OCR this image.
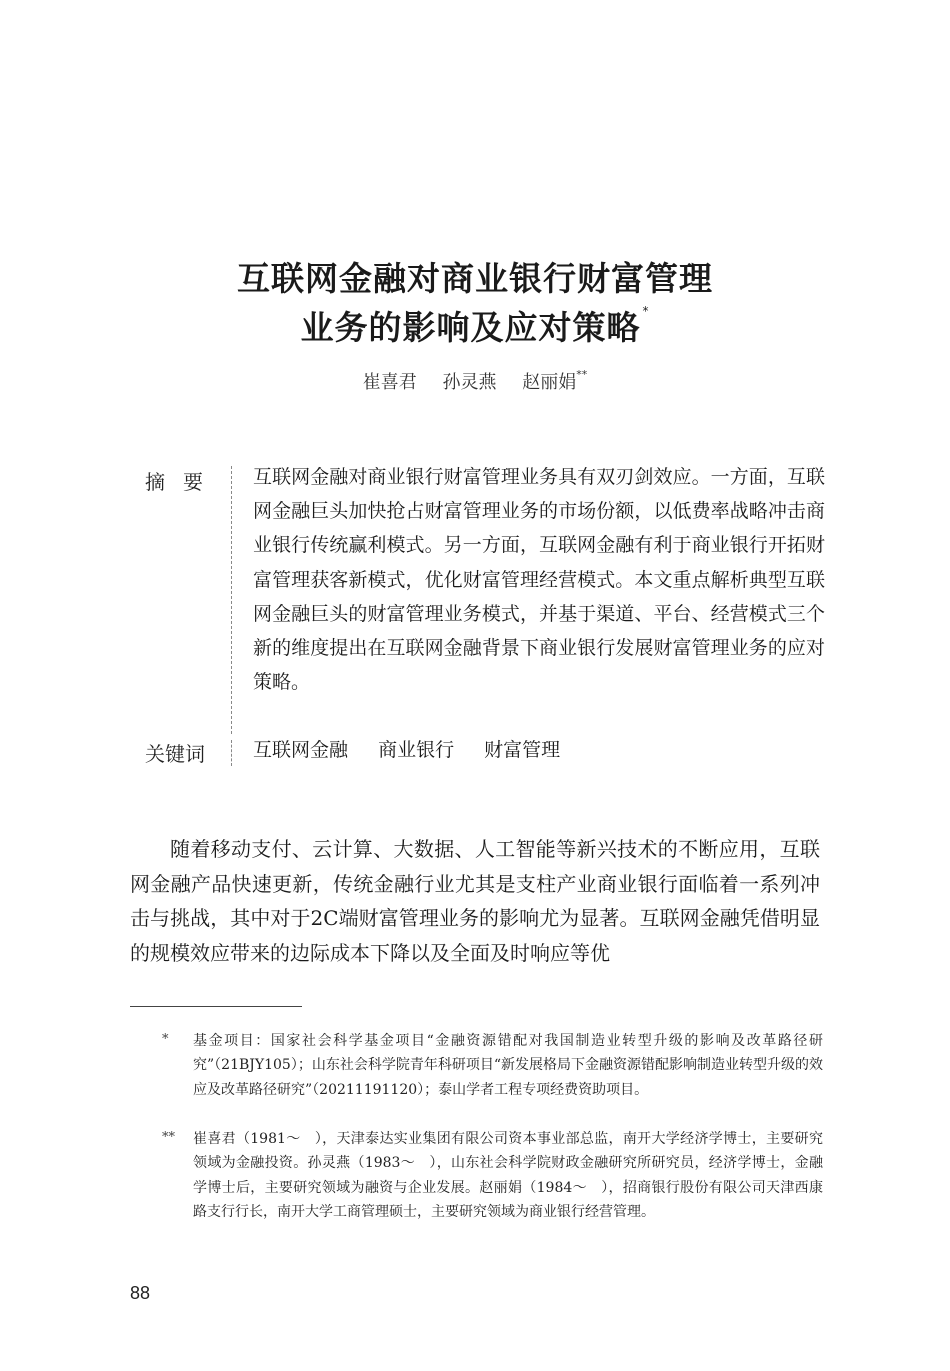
互联网金融对商业银行财富管理
业务的影响及应对策略 *
崔喜君 孙灵燕 赵丽娟**
摘要 互联网金融对商业银行财富管理业务具有双刃剑效应。一方面，互联网金融巨头加快抢占财富管理业务的市场份额，以低费率战略冲击商业银行传统赢利模式。另一方面，互联网金融有利于商业银行开拓财富管理获客新模式，优化财富管理经营模式。本文重点解析典型互联网金融巨头的财富管理业务模式，并基于渠道、平台、经营模式三个新的维度提出在互联网金融背景下商业银行发展财富管理业务的应对策略。
关键词	互联网金融 商业银行 财富管理
随着移动支付、云计算、大数据、人工智能等新兴技术的不断应用，互联网金融产品快速更新，传统金融行业尤其是支柱产业商业银行面临着一系列冲击与挑战，其中对于2C端财富管理业务的影响尤为显著。互联网金融凭借明显的规模效应带来的边际成本下降以及全面及时响应等优
* 基金项目：国家社会科学基金项目“金融资源错配对我国制造业转型升级的影响及改革路径研究”（21BJY105）；山东社会科学院青年科研项目“新发展格局下金融资源错配影响制造业转型升级的效应及改革路径研究”（20211191120）；泰山学者工程专项经费资助项目。
** 崔喜君（1981～　），天津泰达实业集团有限公司资本事业部总监，南开大学经济学博士，主要研究领域为金融投资。孙灵燕（1983～　），山东社会科学院财政金融研究所研究员，经济学博士，金融学博士后，主要研究领域为融资与企业发展。赵丽娟（1984～　），招商银行股份有限公司天津西康路支行行长，南开大学工商管理硕士，主要研究领域为商业银行经营管理。
88
